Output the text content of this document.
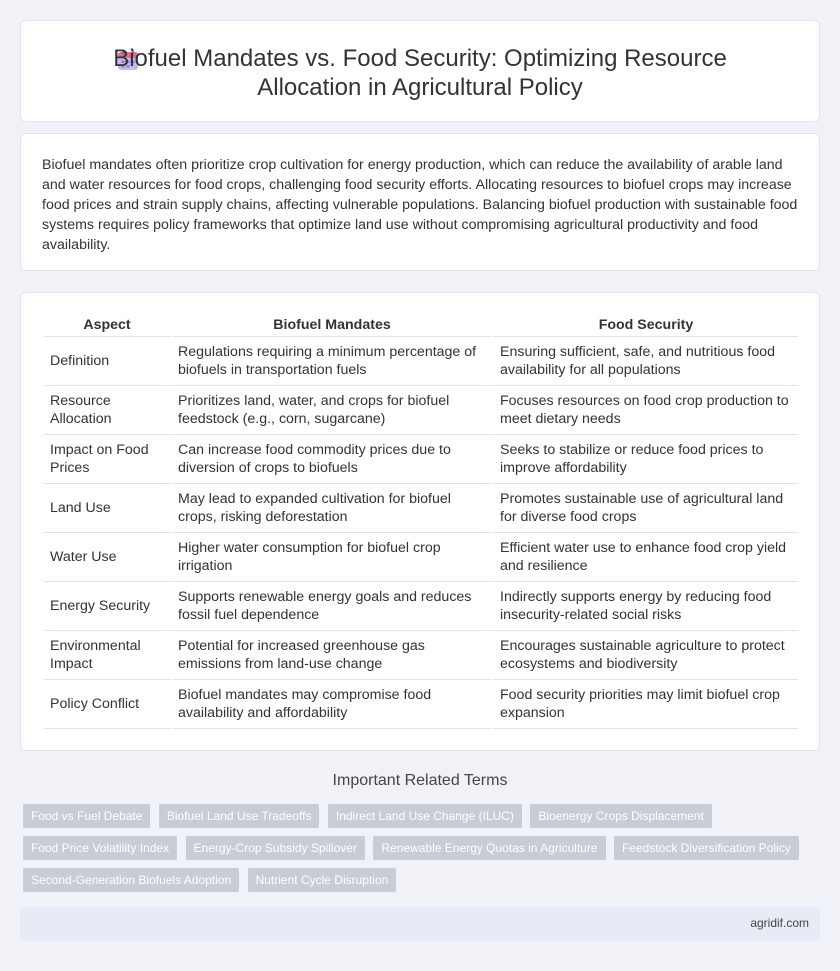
Biofuel Mandates vs. Food Security: Optimizing Resource Allocation in Agricultural Policy

Biofuel mandates often prioritize crop cultivation for energy production, which can reduce the availability of arable land and water resources for food crops, challenging food security efforts. Allocating resources to biofuel crops may increase food prices and strain supply chains, affecting vulnerable populations. Balancing biofuel production with sustainable food systems requires policy frameworks that optimize land use without compromising agricultural productivity and food availability.

Aspect	Biofuel Mandates	Food Security
Definition	Regulations requiring a minimum percentage of biofuels in transportation fuels	Ensuring sufficient, safe, and nutritious food availability for all populations
Resource Allocation	Prioritizes land, water, and crops for biofuel feedstock (e.g., corn, sugarcane)	Focuses resources on food crop production to meet dietary needs
Impact on Food Prices	Can increase food commodity prices due to diversion of crops to biofuels	Seeks to stabilize or reduce food prices to improve affordability
Land Use	May lead to expanded cultivation for biofuel crops, risking deforestation	Promotes sustainable use of agricultural land for diverse food crops
Water Use	Higher water consumption for biofuel crop irrigation	Efficient water use to enhance food crop yield and resilience
Energy Security	Supports renewable energy goals and reduces fossil fuel dependence	Indirectly supports energy by reducing food insecurity-related social risks
Environmental Impact	Potential for increased greenhouse gas emissions from land-use change	Encourages sustainable agriculture to protect ecosystems and biodiversity
Policy Conflict	Biofuel mandates may compromise food availability and affordability	Food security priorities may limit biofuel crop expansion
Important Related Terms
Food vs Fuel Debate Biofuel Land Use Tradeoffs Indirect Land Use Change (ILUC) Bioenergy Crops Displacement Food Price Volatility Index Energy-Crop Subsidy Spillover Renewable Energy Quotas in Agriculture Feedstock Diversification Policy Second-Generation Biofuels Adoption Nutrient Cycle Disruption
agridif.com
